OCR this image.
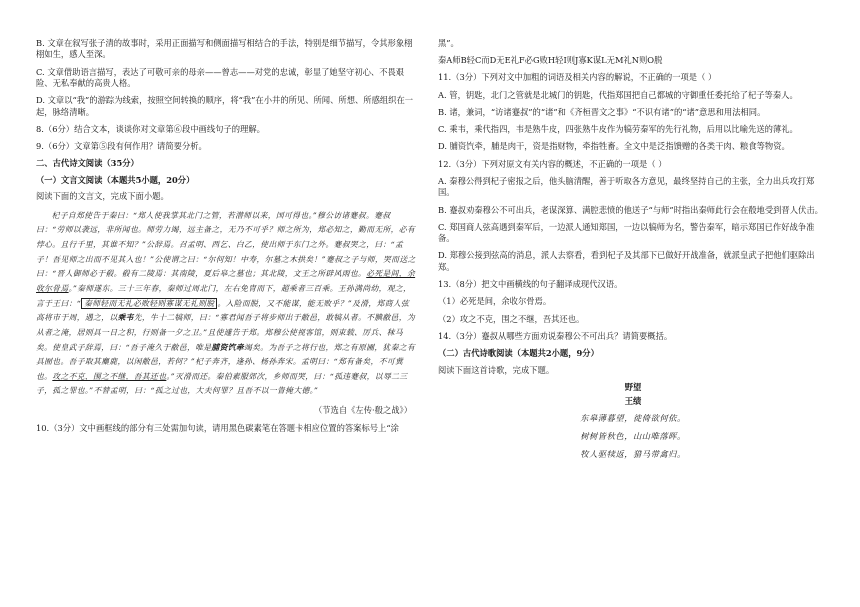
B. 文章在叙写张子清的故事时，采用正面描写和侧面描写相结合的手法，特别是细节描写，令其形象栩栩如生，感人至深。

C. 文章借助语言描写，表达了可敬可亲的母亲——曾志——对党的忠诚，彰显了她坚守初心、不畏艰险、无私奉献的高贵人格。

D. 文章以“我”的游踪为线索，按照空间转换的顺序，将“我”在小井的所见、所闻、所想、所感组织在一起，脉络清晰。

8.（6分）结合文本，谈谈你对文章第⑥段中画线句子的理解。

9.（6分）文章第⑤段有何作用？请简要分析。

二、古代诗文阅读（35分）

（一）文言文阅读（本题共5小题，20分）

阅读下面的文言文，完成下面小题。

杞子自郑使告于秦曰：“郑人使我掌其北门之管，若潜师以来，国可得也。”穆公访诸蹇叔。蹇叔曰：“劳师以袭远，非所闻也。师劳力竭，远主备之，无乃不可乎？师之所为，郑必知之，勤而无所，必有悖心。且行千里，其谁不知？”公辞焉。召孟明、西乞、白乙，使出师于东门之外。蹇叔哭之，曰：“孟子！吾见师之出而不见其入也！”公使谓之曰：“尔何知！中寿，尔墓之木拱矣！”蹇叔之子与师，哭而送之曰：“晋人御师必于殽。殽有二陵焉：其南陵，夏后皋之墓也；其北陵，文王之所辟风雨也。必死是间，余收尔骨焉。”秦师遂东。三十三年春，秦师过周北门，左右免胄而下，超乘者三百乘。王孙满尚幼，观之，言于王曰：“ 秦师轻而无礼必败轻则寡谋无礼则脱 。入险而脱，又不能谋，能无败乎？”及滑，郑商人弦高将市于周，遇之，以乘韦先，牛十二犒师，曰：“寡君闻吾子将步师出于敝邑，敢犒从者。不腆敝邑，为从者之淹，居则具一日之积，行则备一夕之卫。”且使遽告于郑。郑穆公使视客馆，则束载、厉兵、秣马矣。使皇武子辞焉，曰：“吾子淹久于敝邑，唯是脯资饩牵竭矣。为吾子之将行也，郑之有原圃，犹秦之有具囿也。吾子取其麋鹿，以闲敝邑，若何？”杞子奔齐，逢孙、杨孙奔宋。孟明曰：“郑有备矣，不可冀也。攻之不克，围之不继，吾其还也。”灭滑而还。秦伯素服郊次，乡师而哭，曰：“孤违蹇叔，以辱二三子，孤之罪也。”不替孟明，曰：“孤之过也，大夫何罪？且吾不以一眚掩大德。”

（节选自《左传·殽之战》）

10.（3分）文中画框线的部分有三处需加句读，请用黑色碳素笔在答题卡相应位置的答案标号上“涂

黑”。

秦A师B轻C而D无E礼F必G败H轻I则J寡K谋L无M礼N则O脱

11.（3分）下列对文中加粗的词语及相关内容的解说，不正确的一项是（ ）

A. 管，钥匙，北门之管就是北城门的钥匙，代指郑国把自己都城的守御重任委托给了杞子等秦人。

B. 诸，兼词，“访诸蹇叔”的“诸”和《齐桓晋文之事》“不识有诸”的“诸”意思和用法相同。

C. 乘韦，乘代指四，韦是熟牛皮，四张熟牛皮作为犒劳秦军的先行礼物，后用以比喻先送的薄礼。

D. 脯资饩牵，脯是肉干，资是指财物，牵指牲畜。全文中是泛指馈赠的各类干肉、粮食等物资。

12.（3分）下列对原文有关内容的概述，不正确的一项是（ ）

A. 秦穆公得到杞子密报之后，他头脑清醒，善于听取各方意见，最终坚持自己的主张，全力出兵攻打郑国。

B. 蹇叔劝秦穆公不可出兵，老谋深算、满腔悲愤的他送子“与师”时指出秦师此行会在殽地受到晋人伏击。

C. 郑国商人弦高遇到秦军后，一边派人通知郑国，一边以犒师为名，警告秦军，暗示郑国已作好战争准备。

D. 郑穆公接到弦高的消息，派人去察看，看到杞子及其部下已做好开战准备，就派皇武子把他们驱除出郑。

13.（8分）把文中画横线的句子翻译成现代汉语。

（1）必死是间，余收尔骨焉。

（2）攻之不克，围之不继，吾其还也。

14.（3分）蹇叔从哪些方面劝说秦穆公不可出兵？请简要概括。

（二）古代诗歌阅读（本题共2小题，9分）

阅读下面这首诗歌，完成下题。

野望

王绩

东皋薄暮望，徙倚欲何依。

树树皆秋色，山山唯落晖。

牧人驱犊返，猎马带禽归。
